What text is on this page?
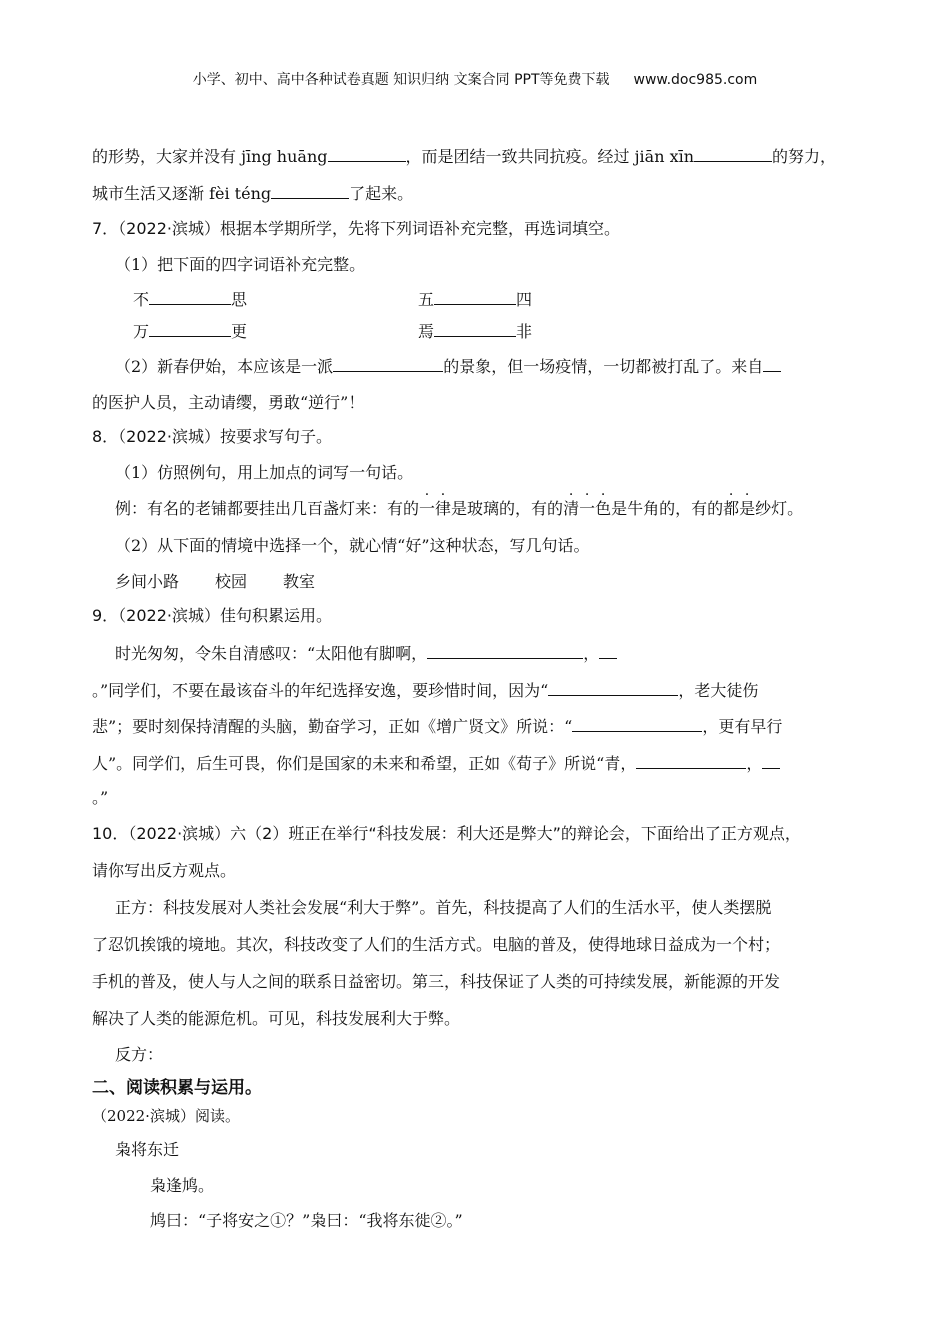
小学、初中、高中各种试卷真题 知识归纳 文案合同 PPT等免费下载 www.doc985.com
的形势，大家并没有 jīng huāng	，而是团结一致共同抗疫。经过 jiān xīn	的努力，
城市生活又逐渐 fèi téng	了起来。
7．（2022·滨城）根据本学期所学，先将下列词语补充完整，再选词填空。
（1）把下面的四字词语补充完整。
不	思	五	四
万	更	焉	非
（2）新春伊始，本应该是一派	的景象，但一场疫情，一切都被打乱了。来自
的医护人员，主动请缨，勇敢“逆行”！
8．（2022·滨城）按要求写句子。
（1）仿照例句，用上加点的词写一句话。
例：有名的老铺都要挂出几百盏灯来：有的一律是玻璃的，有的清一色是牛角的，有的都是纱灯。
（2）从下面的情境中选择一个，就心情“好”这种状态，写几句话。
乡间小路 校园 教室
9．（2022·滨城）佳句积累运用。
时光匆匆，令朱自清感叹：“太阳他有脚啊，	，
。”同学们，不要在最该奋斗的年纪选择安逸，要珍惜时间，因为“	，老大徒伤
悲”；要时刻保持清醒的头脑，勤奋学习，正如《增广贤文》所说：“	，更有早行
人”。同学们，后生可畏，你们是国家的未来和希望，正如《荀子》所说“青，	，
。”
10．（2022·滨城）六（2）班正在举行“科技发展：利大还是弊大”的辩论会，下面给出了正方观点，
请你写出反方观点。
正方：科技发展对人类社会发展“利大于弊”。首先，科技提高了人们的生活水平，使人类摆脱
了忍饥挨饿的境地。其次，科技改变了人们的生活方式。电脑的普及，使得地球日益成为一个村；
手机的普及，使人与人之间的联系日益密切。第三，科技保证了人类的可持续发展，新能源的开发
解决了人类的能源危机。可见，科技发展利大于弊。
反方：
二、阅读积累与运用。
（2022·滨城）阅读。
枭将东迁
枭逢鸠。
鸠曰：“子将安之①？”枭曰：“我将东徙②。”
